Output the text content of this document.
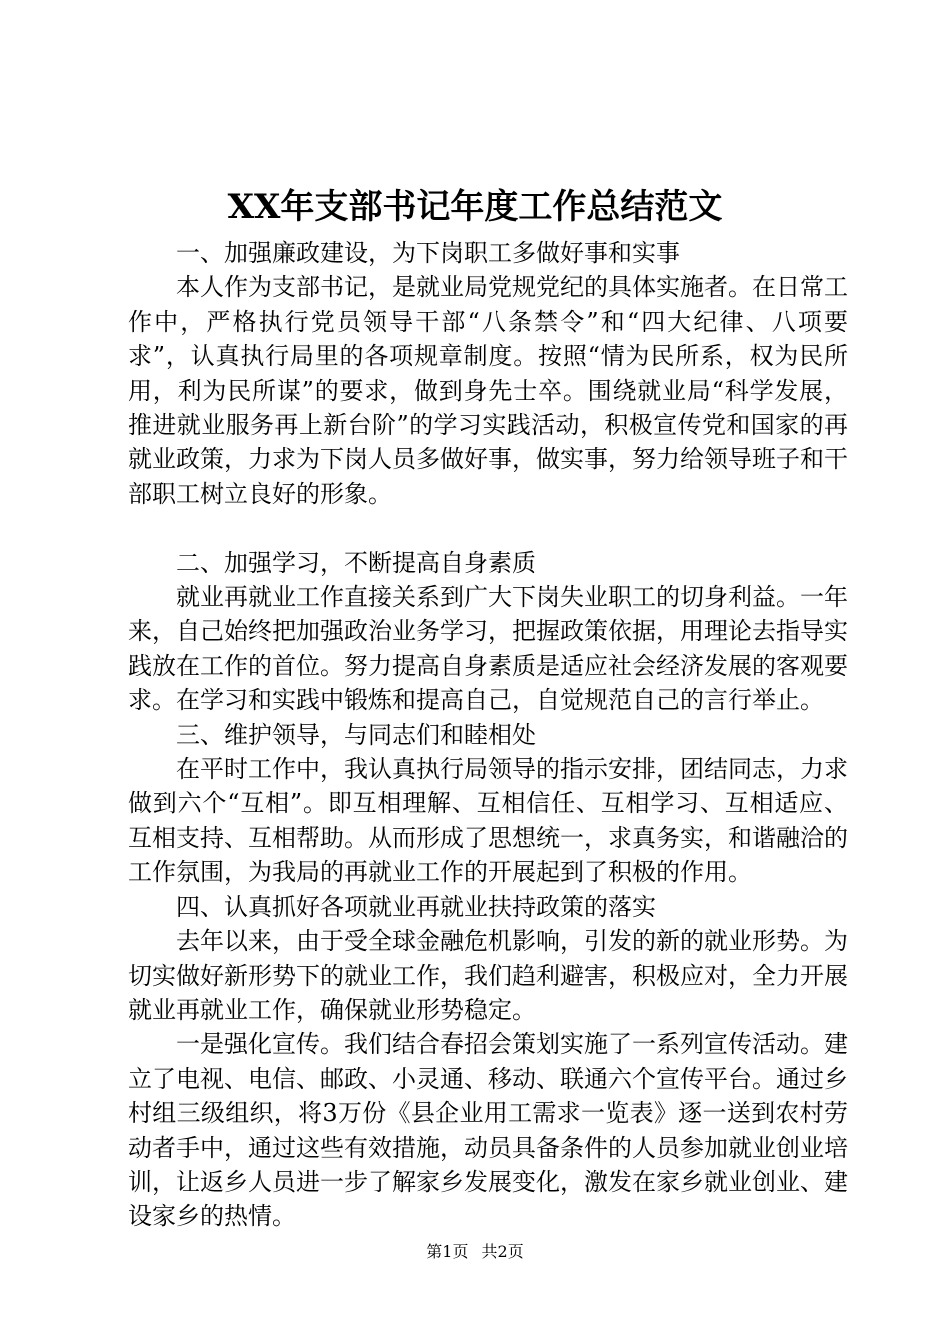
XX年支部书记年度工作总结范文

一、加强廉政建设，为下岗职工多做好事和实事

本人作为支部书记，是就业局党规党纪的具体实施者。在日常工作中，严格执行党员领导干部“八条禁令”和“四大纪律、八项要求”，认真执行局里的各项规章制度。按照“情为民所系，权为民所用，利为民所谋”的要求，做到身先士卒。围绕就业局“科学发展，推进就业服务再上新台阶”的学习实践活动，积极宣传党和国家的再就业政策，力求为下岗人员多做好事，做实事，努力给领导班子和干部职工树立良好的形象。

二、加强学习，不断提高自身素质

就业再就业工作直接关系到广大下岗失业职工的切身利益。一年来，自己始终把加强政治业务学习，把握政策依据，用理论去指导实践放在工作的首位。努力提高自身素质是适应社会经济发展的客观要求。在学习和实践中锻炼和提高自己，自觉规范自己的言行举止。

三、维护领导，与同志们和睦相处

在平时工作中，我认真执行局领导的指示安排，团结同志，力求做到六个“互相”。即互相理解、互相信任、互相学习、互相适应、互相支持、互相帮助。从而形成了思想统一，求真务实，和谐融洽的工作氛围，为我局的再就业工作的开展起到了积极的作用。

四、认真抓好各项就业再就业扶持政策的落实

去年以来，由于受全球金融危机影响，引发的新的就业形势。为切实做好新形势下的就业工作，我们趋利避害，积极应对，全力开展就业再就业工作，确保就业形势稳定。

一是强化宣传。我们结合春招会策划实施了一系列宣传活动。建立了电视、电信、邮政、小灵通、移动、联通六个宣传平台。通过乡村组三级组织，将3万份《县企业用工需求一览表》逐一送到农村劳动者手中，通过这些有效措施，动员具备条件的人员参加就业创业培训，让返乡人员进一步了解家乡发展变化，激发在家乡就业创业、建设家乡的热情。

第1页 共2页
